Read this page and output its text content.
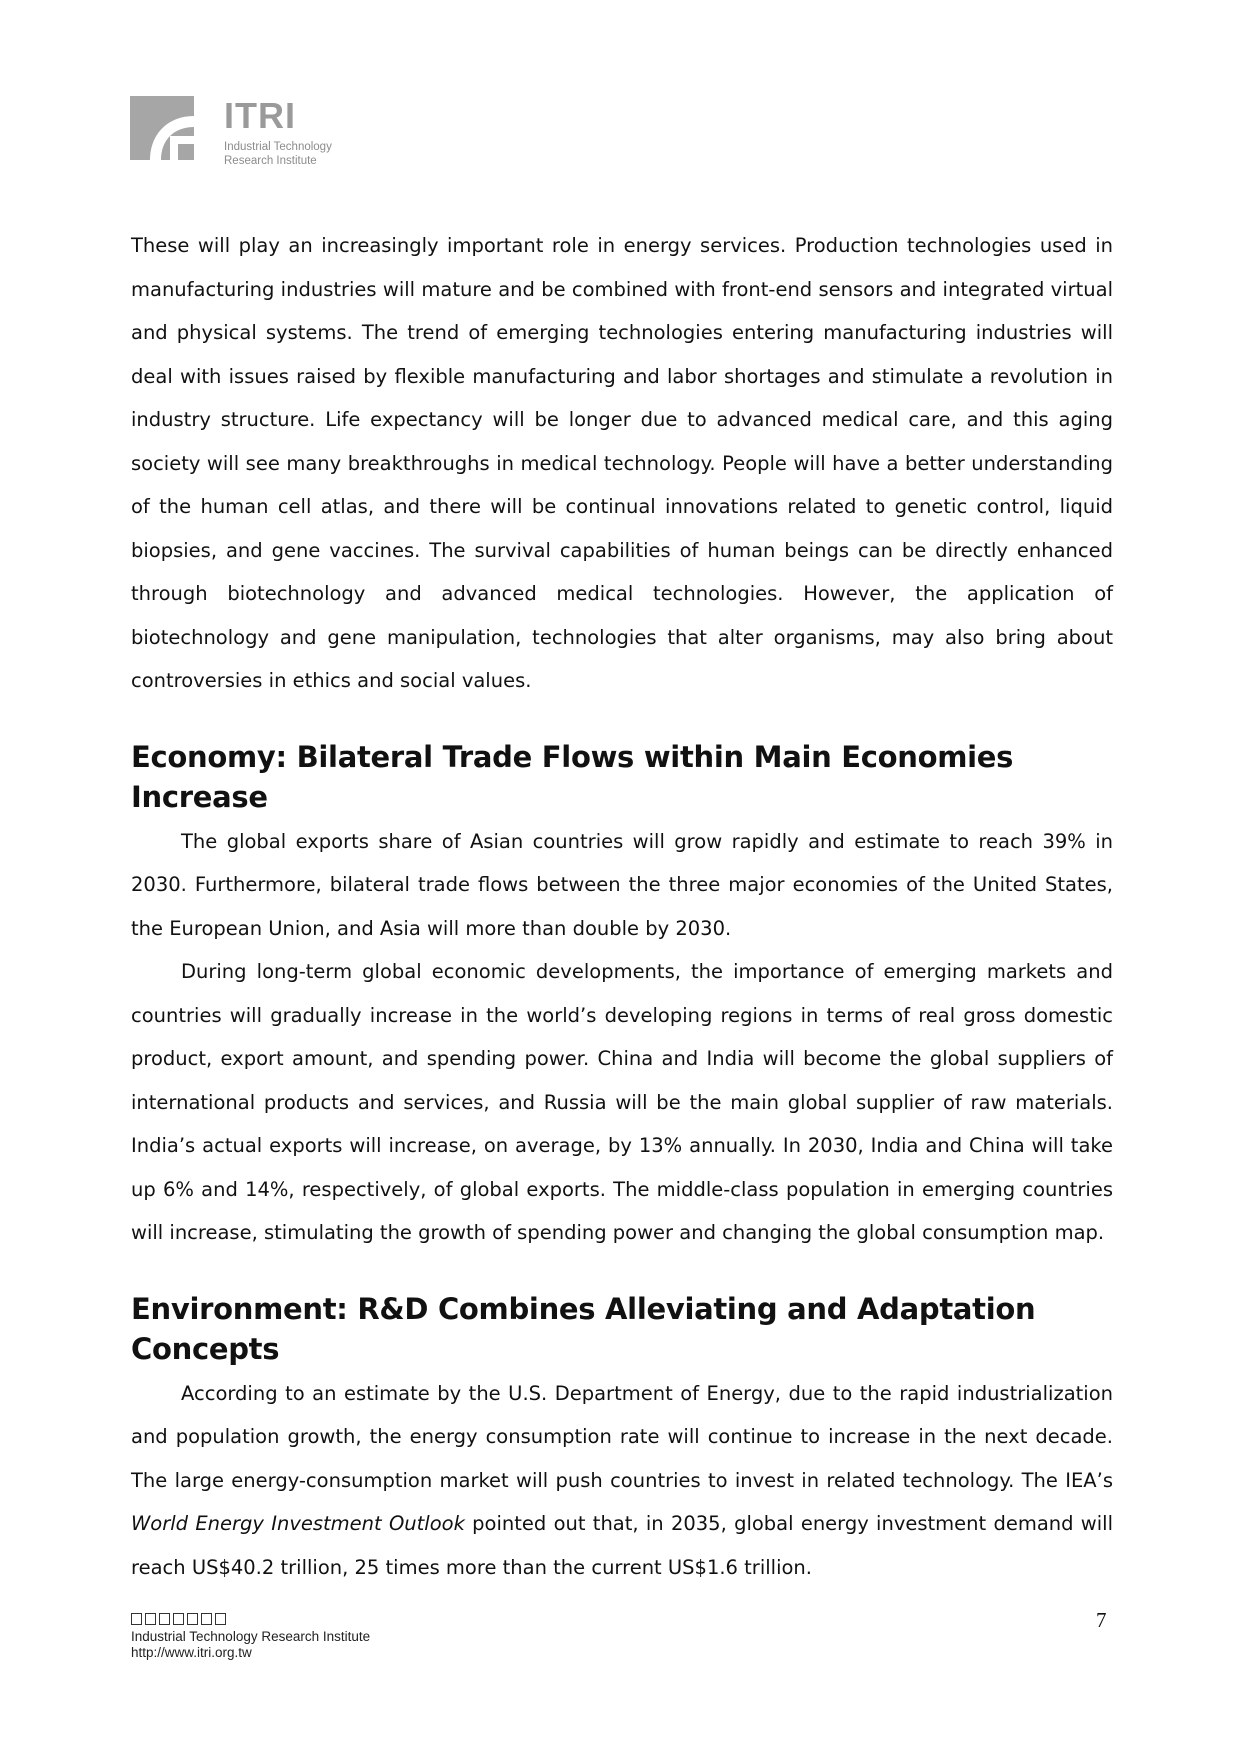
ITRI
Industrial Technology
Research Institute

These will play an increasingly important role in energy services. Production technologies used in manufacturing industries will mature and be combined with front-end sensors and integrated virtual and physical systems. The trend of emerging technologies entering manufacturing industries will deal with issues raised by flexible manufacturing and labor shortages and stimulate a revolution in industry structure. Life expectancy will be longer due to advanced medical care, and this aging society will see many breakthroughs in medical technology. People will have a better understanding of the human cell atlas, and there will be continual innovations related to genetic control, liquid biopsies, and gene vaccines. The survival capabilities of human beings can be directly enhanced through biotechnology and advanced medical technologies. However, the application of biotechnology and gene manipulation, technologies that alter organisms, may also bring about controversies in ethics and social values.

Economy: Bilateral Trade Flows within Main Economies Increase

The global exports share of Asian countries will grow rapidly and estimate to reach 39% in 2030. Furthermore, bilateral trade flows between the three major economies of the United States, the European Union, and Asia will more than double by 2030.

During long-term global economic developments, the importance of emerging markets and countries will gradually increase in the world’s developing regions in terms of real gross domestic product, export amount, and spending power. China and India will become the global suppliers of international products and services, and Russia will be the main global supplier of raw materials. India’s actual exports will increase, on average, by 13% annually. In 2030, India and China will take up 6% and 14%, respectively, of global exports. The middle-class population in emerging countries will increase, stimulating the growth of spending power and changing the global consumption map.

Environment: R&D Combines Alleviating and Adaptation Concepts

According to an estimate by the U.S. Department of Energy, due to the rapid industrialization and population growth, the energy consumption rate will continue to increase in the next decade. The large energy-consumption market will push countries to invest in related technology. The IEA’s World Energy Investment Outlook pointed out that, in 2035, global energy investment demand will reach US$40.2 trillion, 25 times more than the current US$1.6 trillion.

Industrial Technology Research Institute
http://www.itri.org.tw
7
